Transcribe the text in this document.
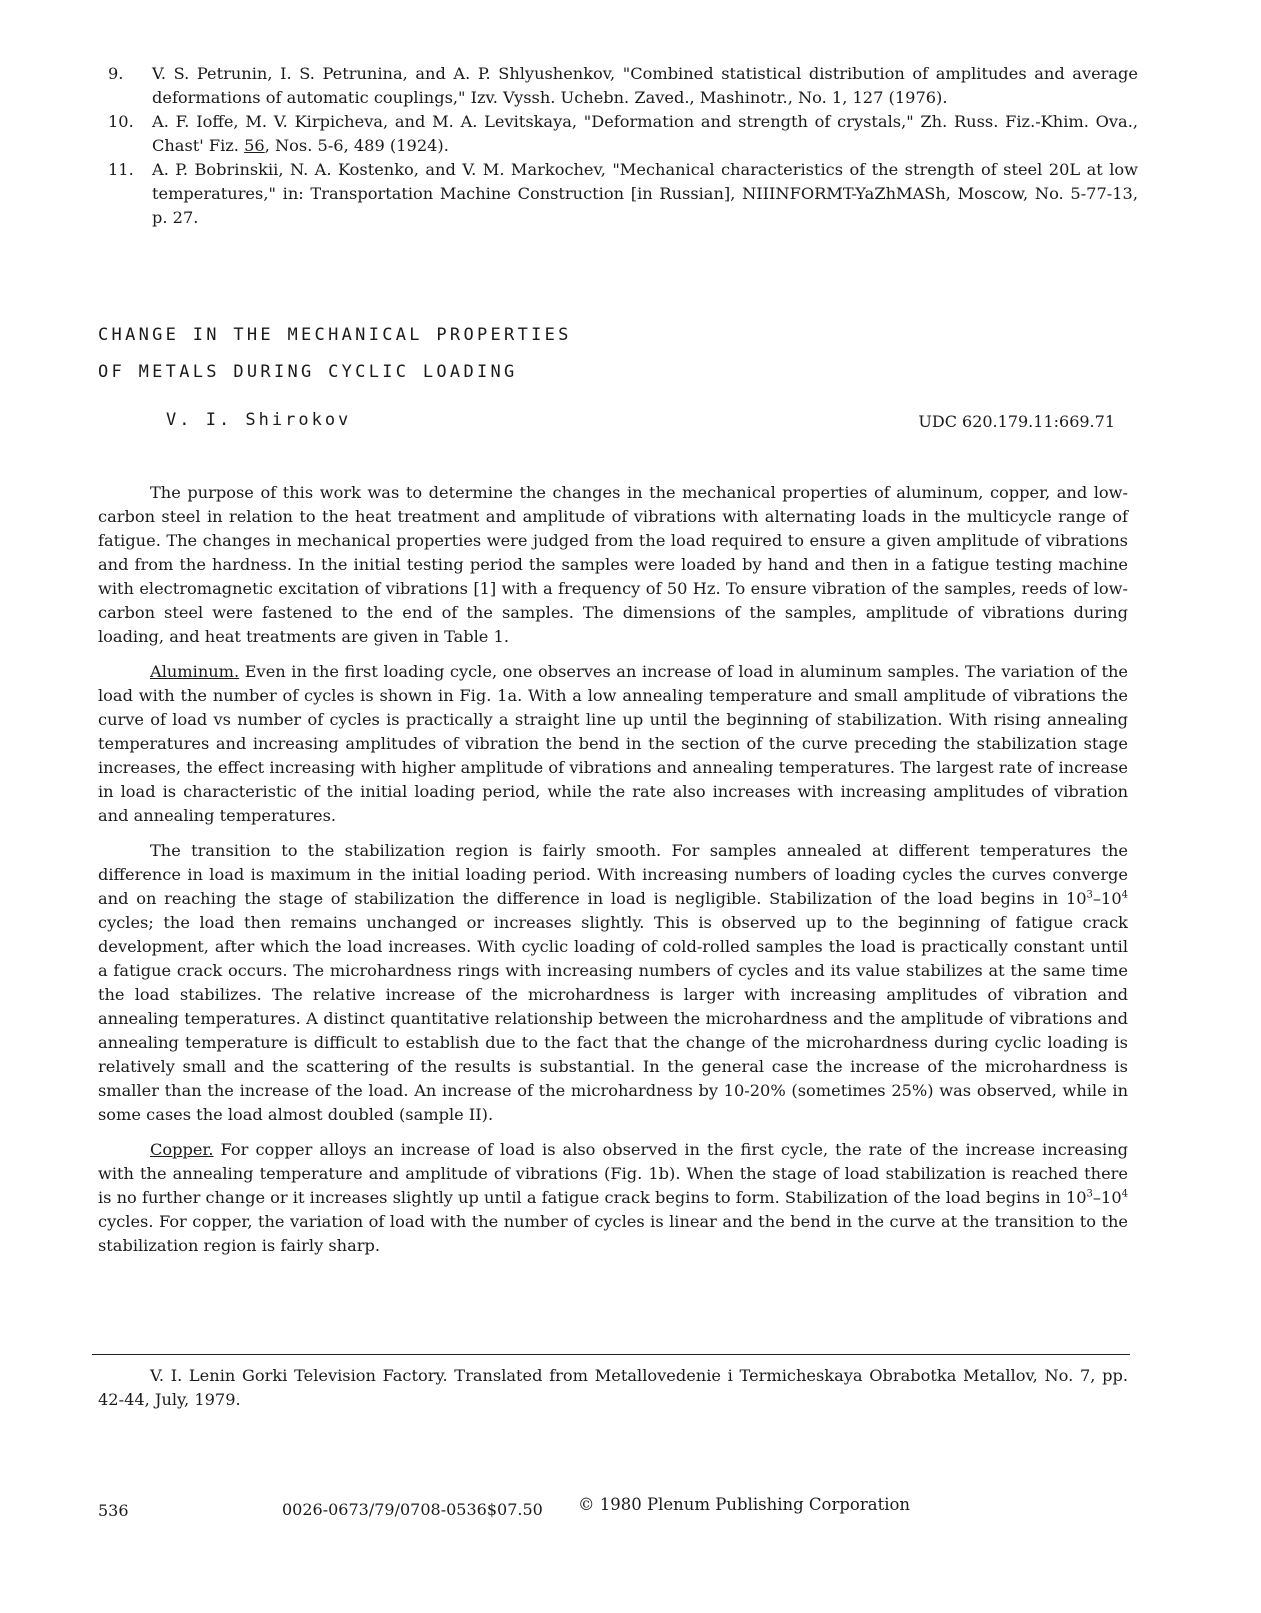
9.	V. S. Petrunin, I. S. Petrunina, and A. P. Shlyushenkov, "Combined statistical distribution of amplitudes and average deformations of automatic couplings," Izv. Vyssh. Uchebn. Zaved., Mashinotr., No. 1, 127 (1976).
10.	A. F. Ioffe, M. V. Kirpicheva, and M. A. Levitskaya, "Deformation and strength of crystals," Zh. Russ. Fiz.-Khim. Ova., Chast' Fiz. 56, Nos. 5-6, 489 (1924).
11.	A. P. Bobrinskii, N. A. Kostenko, and V. M. Markochev, "Mechanical characteristics of the strength of steel 20L at low temperatures," in: Transportation Machine Construction [in Russian], NIIINFORMT-YaZhMASh, Moscow, No. 5-77-13, p. 27.
CHANGE IN THE MECHANICAL PROPERTIES
OF METALS DURING CYCLIC LOADING
V. I. Shirokov	UDC 620.179.11:669.71

The purpose of this work was to determine the changes in the mechanical properties of aluminum, copper, and low-carbon steel in relation to the heat treatment and amplitude of vibrations with alternating loads in the multicycle range of fatigue. The changes in mechanical properties were judged from the load required to ensure a given amplitude of vibrations and from the hardness. In the initial testing period the samples were loaded by hand and then in a fatigue testing machine with electromagnetic excitation of vibrations [1] with a frequency of 50 Hz. To ensure vibration of the samples, reeds of low-carbon steel were fastened to the end of the samples. The dimensions of the samples, amplitude of vibrations during loading, and heat treatments are given in Table 1.

Aluminum. Even in the first loading cycle, one observes an increase of load in aluminum samples. The variation of the load with the number of cycles is shown in Fig. 1a. With a low annealing temperature and small amplitude of vibrations the curve of load vs number of cycles is practically a straight line up until the beginning of stabilization. With rising annealing temperatures and increasing amplitudes of vibration the bend in the section of the curve preceding the stabilization stage increases, the effect increasing with higher amplitude of vibrations and annealing temperatures. The largest rate of increase in load is characteristic of the initial loading period, while the rate also increases with increasing amplitudes of vibration and annealing temperatures.

The transition to the stabilization region is fairly smooth. For samples annealed at different temperatures the difference in load is maximum in the initial loading period. With increasing numbers of loading cycles the curves converge and on reaching the stage of stabilization the difference in load is negligible. Stabilization of the load begins in $10^3-10^4$ cycles; the load then remains unchanged or increases slightly. This is observed up to the beginning of fatigue crack development, after which the load increases. With cyclic loading of cold-rolled samples the load is practically constant until a fatigue crack occurs. The microhardness rings with increasing numbers of cycles and its value stabilizes at the same time the load stabilizes. The relative increase of the microhardness is larger with increasing amplitudes of vibration and annealing temperatures. A distinct quantitative relationship between the microhardness and the amplitude of vibrations and annealing temperature is difficult to establish due to the fact that the change of the microhardness during cyclic loading is relatively small and the scattering of the results is substantial. In the general case the increase of the microhardness is smaller than the increase of the load. An increase of the microhardness by 10-20% (sometimes 25%) was observed, while in some cases the load almost doubled (sample II).

Copper. For copper alloys an increase of load is also observed in the first cycle, the rate of the increase increasing with the annealing temperature and amplitude of vibrations (Fig. 1b). When the stage of load stabilization is reached there is no further change or it increases slightly up until a fatigue crack begins to form. Stabilization of the load begins in $10^3-10^4$ cycles. For copper, the variation of load with the number of cycles is linear and the bend in the curve at the transition to the stabilization region is fairly sharp.

V. I. Lenin Gorki Television Factory. Translated from Metallovedenie i Termicheskaya Obrabotka Metallov, No. 7, pp. 42-44, July, 1979.

536	0026-0673/79/0708-0536$07.50 © 1980 Plenum Publishing Corporation
